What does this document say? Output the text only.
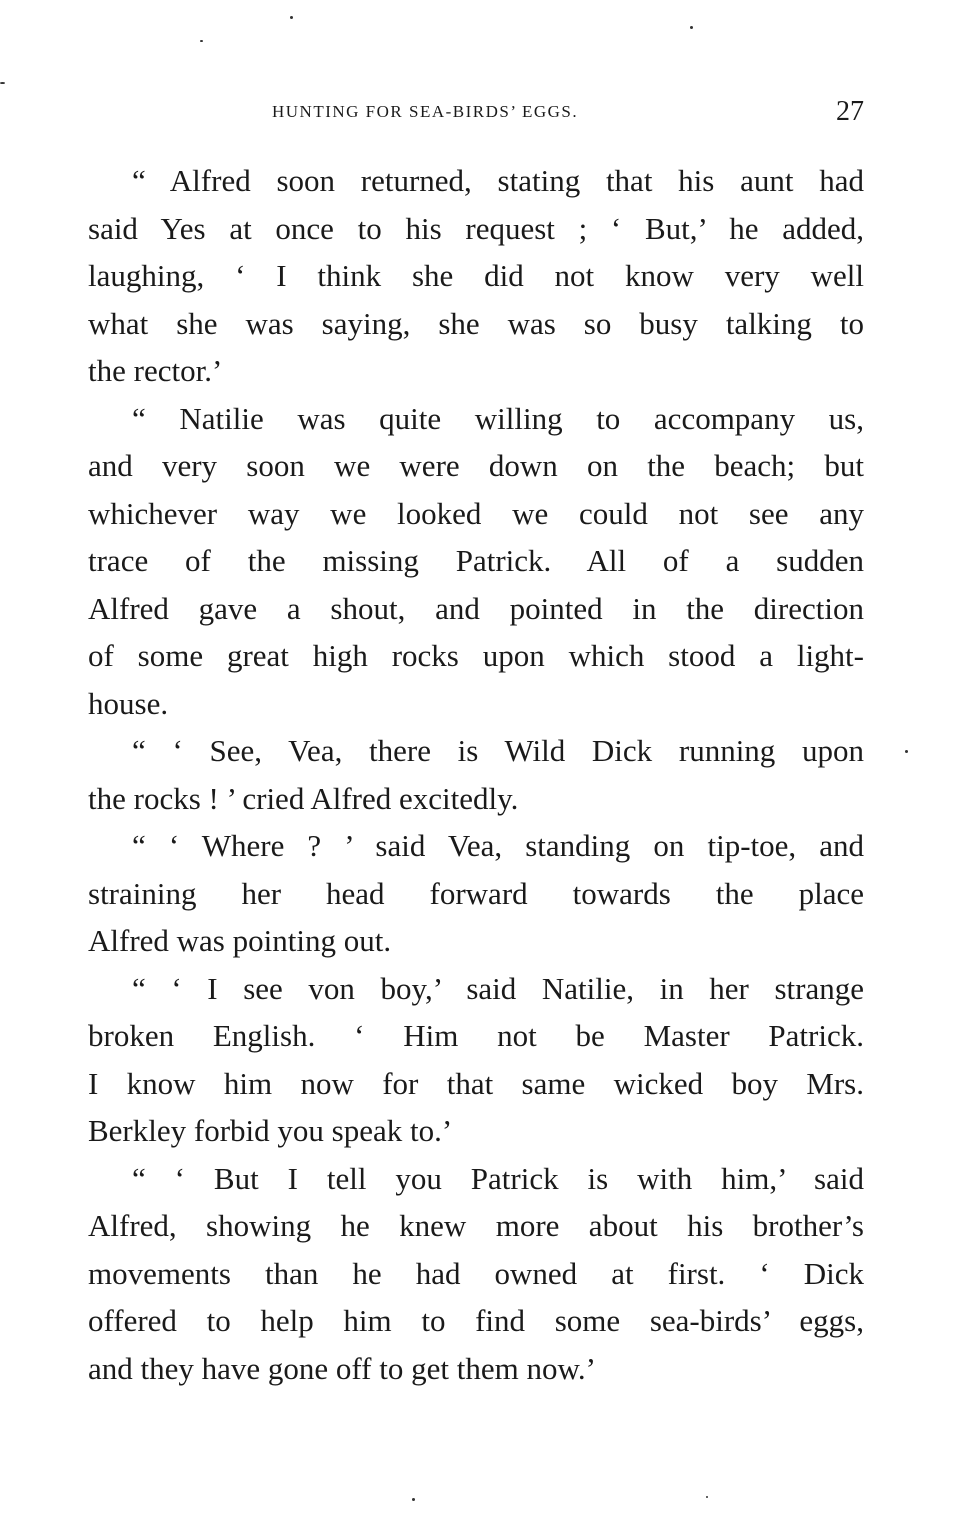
HUNTING FOR SEA-BIRDS’ EGGS.	27

“ Alfred soon returned, stating that his aunt had
said Yes at once to his request ; ‘ But,’ he added,
laughing, ‘ I think she did not know very well
what she was saying, she was so busy talking to
the rector.’

“ Natilie was quite willing to accompany us,
and very soon we were down on the beach; but
whichever way we looked we could not see any
trace of the missing Patrick. All of a sudden
Alfred gave a shout, and pointed in the direction
of some great high rocks upon which stood a light-
house.

“ ‘ See, Vea, there is Wild Dick running upon
the rocks ! ’ cried Alfred excitedly.

“ ‘ Where ? ’ said Vea, standing on tip-toe, and
straining her head forward towards the place
Alfred was pointing out.

“ ‘ I see von boy,’ said Natilie, in her strange
broken English. ‘ Him not be Master Patrick.
I know him now for that same wicked boy Mrs.
Berkley forbid you speak to.’

“ ‘ But I tell you Patrick is with him,’ said
Alfred, showing he knew more about his brother’s
movements than he had owned at first. ‘ Dick
offered to help him to find some sea-birds’ eggs,
and they have gone off to get them now.’
